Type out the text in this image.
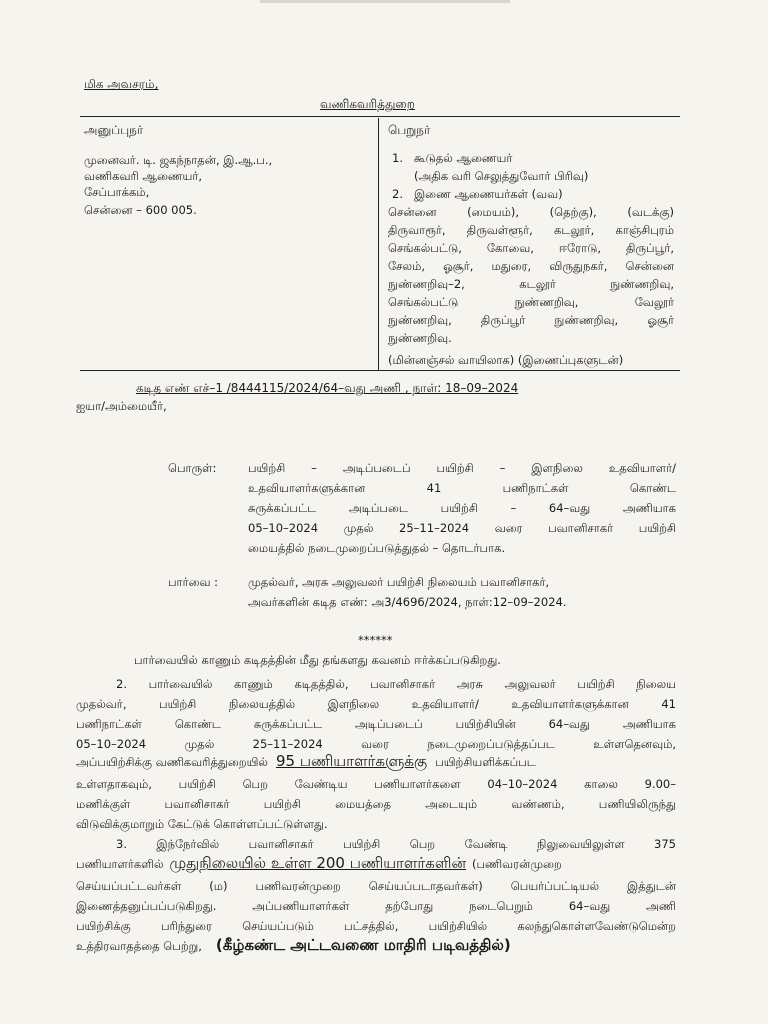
மிக அவசரம்,
வணிகவரித்துறை
அனுப்புநர்
முனைவர். டி. ஜகந்நாதன், இ.ஆ.ப.,
வணிகவரி ஆணையர்,
சேப்பாக்கம்,
சென்னை – 600 005.
பெறுநர்
1. கூடுதல் ஆணையர்
(அதிக வரி செலுத்துவோர் பிரிவு)
2. இணை ஆணையர்கள் (வவ)
சென்னை (மையம்), (தெற்கு), (வடக்கு)
திருவாரூர், திருவள்ளூர், கடலூர், காஞ்சிபுரம்
செங்கல்பட்டு, கோவை, ஈரோடு, திருப்பூர்,
சேலம், ஓசூர், மதுரை, விருதுநகர், சென்னை
நுண்ணறிவு–2, கடலூர் நுண்ணறிவு,
செங்கல்பட்டு நுண்ணறிவு, வேலூர்
நுண்ணறிவு, திருப்பூர் நுண்ணறிவு, ஓசூர்
நுண்ணறிவு.
(மின்னஞ்சல் வாயிலாக) (இணைப்புகளுடன்)
கடித எண் எச்–1 /8444115/2024/64–வது அணி , நாள்: 18–09–2024
ஐயா/அம்மையீர்,
பொருள்:	பயிற்சி – அடிப்படைப் பயிற்சி – இளநிலை உதவியாளர்/
உதவியாளர்களுக்கான 41 பணிநாட்கள் கொண்ட
சுருக்கப்பட்ட அடிப்படை பயிற்சி – 64–வது அணியாக
05–10–2024 முதல் 25–11–2024 வரை பவானிசாகர் பயிற்சி
மையத்தில் நடைமுறைப்படுத்துதல் – தொடர்பாக.
பார்வை :	முதல்வர், அரசு அலுவலர் பயிற்சி நிலையம் பவானிசாகர்,
அவர்களின் கடித எண்: அ3/4696/2024, நாள்:12–09–2024.
******
பார்வையில் காணும் கடிதத்தின் மீது தங்களது கவனம் ஈர்க்கப்படுகிறது.
2. பார்வையில் காணும் கடிதத்தில், பவானிசாகர் அரசு அலுவலர் பயிற்சி நிலைய
முதல்வர், பயிற்சி நிலையத்தில் இளநிலை உதவியாளர்/ உதவியாளர்களுக்கான 41
பணிநாட்கள் கொண்ட சுருக்கப்பட்ட அடிப்படைப் பயிற்சியின் 64–வது அணியாக
05–10–2024 முதல் 25–11–2024 வரை நடைமுறைப்படுத்தப்பட உள்ளதெனவும்,
அப்பயிற்சிக்கு வணிகவரித்துறையில் 95 பணியாளர்களுக்கு பயிற்சியளிக்கப்பட
உள்ளதாகவும், பயிற்சி பெற வேண்டிய பணியாளர்களை 04–10–2024 காலை 9.00–
மணிக்குள் பவானிசாகர் பயிற்சி மையத்தை அடையும் வண்ணம், பணியிலிருந்து
விடுவிக்குமாறும் கேட்டுக் கொள்ளப்பட்டுள்ளது.
3. இந்நேர்வில் பவானிசாகர் பயிற்சி பெற வேண்டி நிலுவையிலுள்ள 375
பணியாளர்களில் முதுநிலையில் உள்ள 200 பணியாளர்களின் (பணிவரன்முறை
செய்யப்பட்டவர்கள் (ம) பணிவரன்முறை செய்யப்படாதவர்கள்) பெயர்ப்பட்டியல் இத்துடன்
இணைத்தனுப்பப்படுகிறது. அப்பணியாளர்கள் தற்போது நடைபெறும் 64–வது அணி
பயிற்சிக்கு பரிந்துரை செய்யப்படும் பட்சத்தில், பயிற்சியில் கலந்துகொள்ளவேண்டுமென்ற
உத்திரவாதத்தை பெற்று, (கீழ்கண்ட அட்டவணை மாதிரி படிவத்தில்)
